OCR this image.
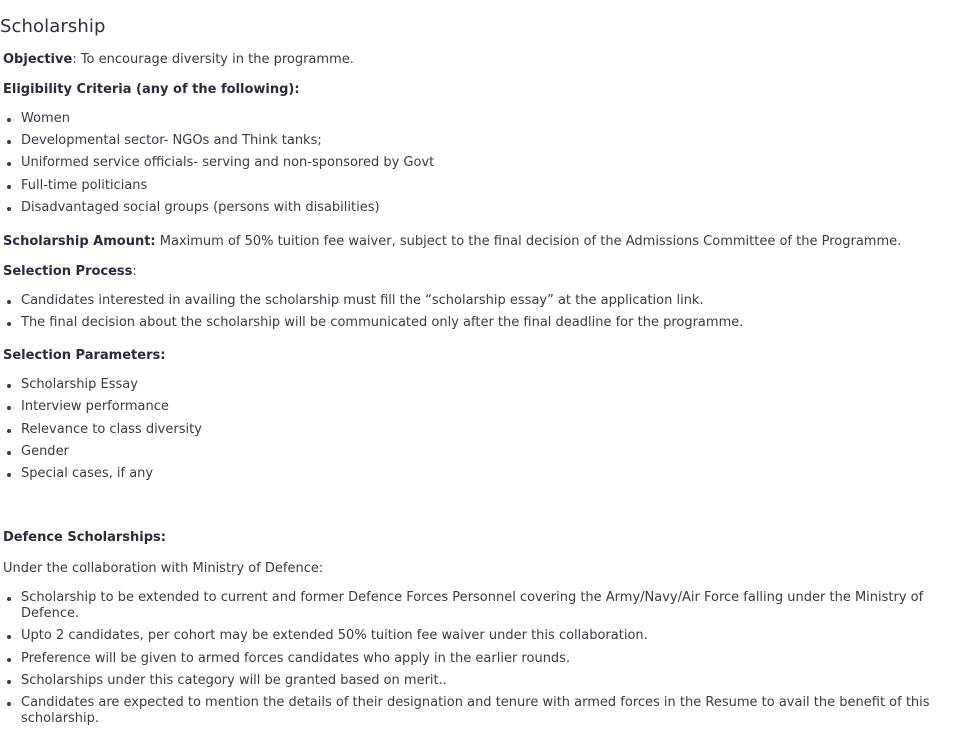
Scholarship

Objective: To encourage diversity in the programme.

Eligibility Criteria (any of the following):

Women
Developmental sector- NGOs and Think tanks;
Uniformed service officials- serving and non-sponsored by Govt
Full-time politicians
Disadvantaged social groups (persons with disabilities)

Scholarship Amount: Maximum of 50% tuition fee waiver, subject to the final decision of the Admissions Committee of the Programme.

Selection Process:

Candidates interested in availing the scholarship must fill the “scholarship essay” at the application link.
The final decision about the scholarship will be communicated only after the final deadline for the programme.

Selection Parameters:

Scholarship Essay
Interview performance
Relevance to class diversity
Gender
Special cases, if any

Defence Scholarships:

Under the collaboration with Ministry of Defence:

Scholarship to be extended to current and former Defence Forces Personnel covering the Army/Navy/Air Force falling under the Ministry of Defence.
Upto 2 candidates, per cohort may be extended 50% tuition fee waiver under this collaboration.
Preference will be given to armed forces candidates who apply in the earlier rounds.
Scholarships under this category will be granted based on merit..
Candidates are expected to mention the details of their designation and tenure with armed forces in the Resume to avail the benefit of this scholarship.
